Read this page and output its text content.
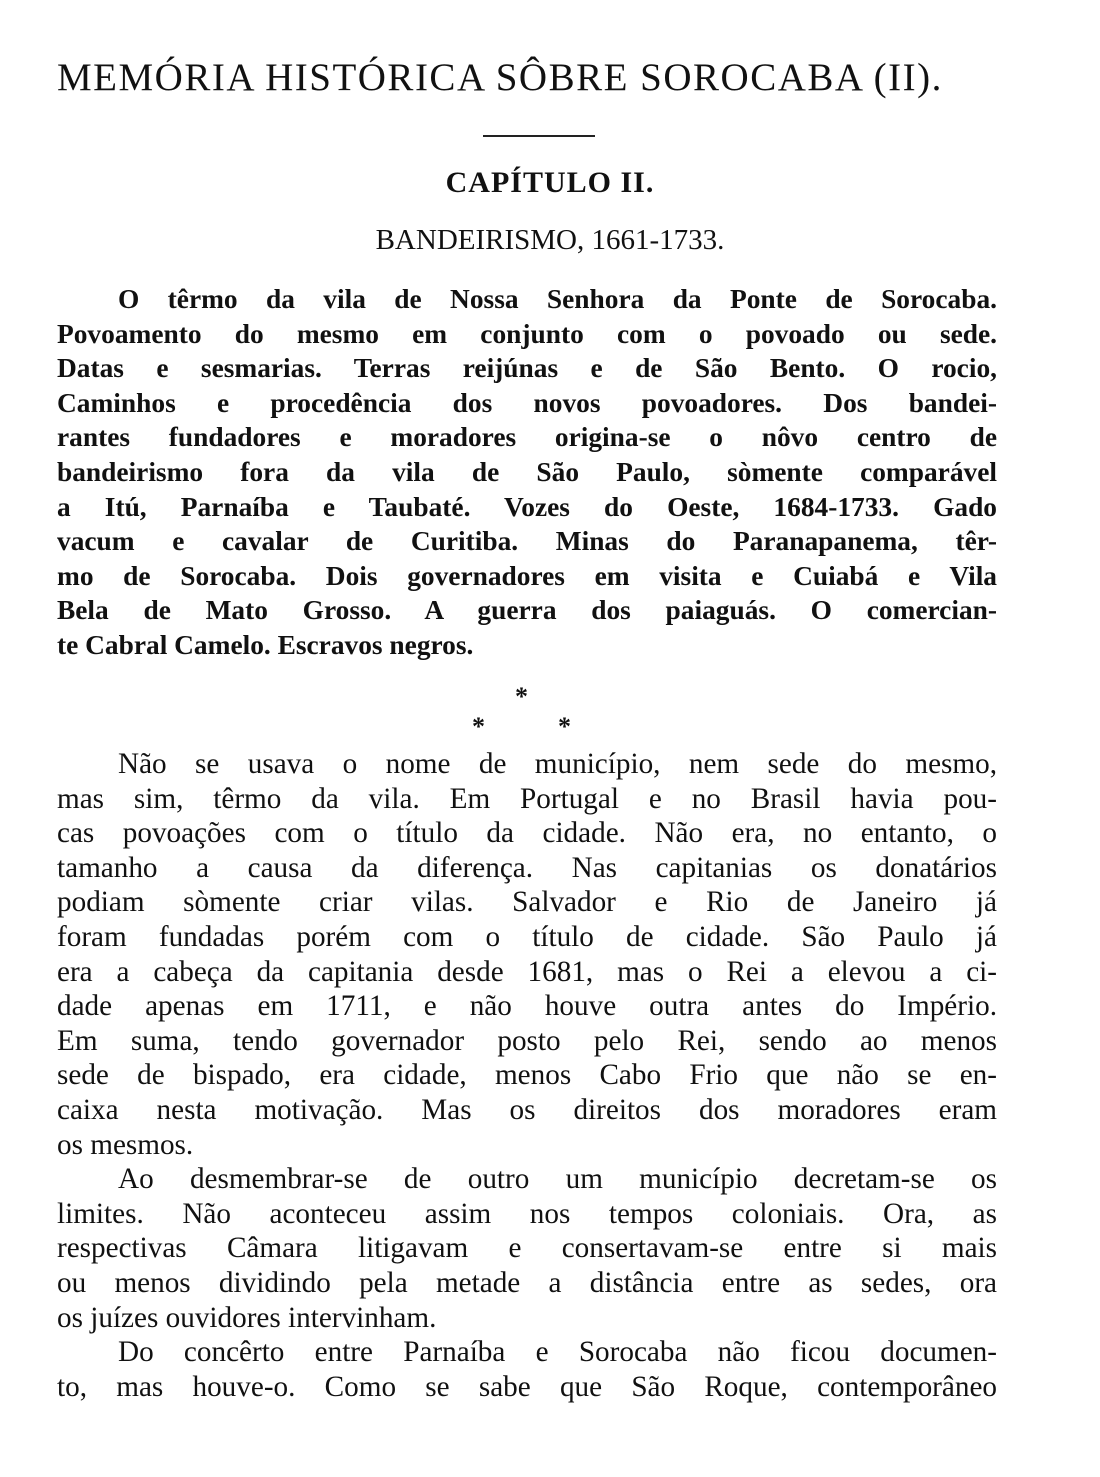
MEMÓRIA HISTÓRICA SÔBRE SOROCABA (II).
CAPÍTULO II.
BANDEIRISMO, 1661-1733.
O têrmo da vila de Nossa Senhora da Ponte de Sorocaba.
Povoamento do mesmo em conjunto com o povoado ou sede.
Datas e sesmarias. Terras reijúnas e de São Bento. O rocio,
Caminhos e procedência dos novos povoadores. Dos bandei-
rantes fundadores e moradores origina-se o nôvo centro de
bandeirismo fora da vila de São Paulo, sòmente comparável
a Itú, Parnaíba e Taubaté. Vozes do Oeste, 1684-1733. Gado
vacum e cavalar de Curitiba. Minas do Paranapanema, têr-
mo de Sorocaba. Dois governadores em visita e Cuiabá e Vila
Bela de Mato Grosso. A guerra dos paiaguás. O comercian-
te Cabral Camelo. Escravos negros.
*
*	*
Não se usava o nome de município, nem sede do mesmo,
mas sim, têrmo da vila. Em Portugal e no Brasil havia pou-
cas povoações com o título da cidade. Não era, no entanto, o
tamanho a causa da diferença. Nas capitanias os donatários
podiam sòmente criar vilas. Salvador e Rio de Janeiro já
foram fundadas porém com o título de cidade. São Paulo já
era a cabeça da capitania desde 1681, mas o Rei a elevou a ci-
dade apenas em 1711, e não houve outra antes do Império.
Em suma, tendo governador posto pelo Rei, sendo ao menos
sede de bispado, era cidade, menos Cabo Frio que não se en-
caixa nesta motivação. Mas os direitos dos moradores eram
os mesmos.
Ao desmembrar-se de outro um município decretam-se os
limites. Não aconteceu assim nos tempos coloniais. Ora, as
respectivas Câmara litigavam e consertavam-se entre si mais
ou menos dividindo pela metade a distância entre as sedes, ora
os juízes ouvidores intervinham.
Do concêrto entre Parnaíba e Sorocaba não ficou documen-
to, mas houve-o. Como se sabe que São Roque, contemporâneo
